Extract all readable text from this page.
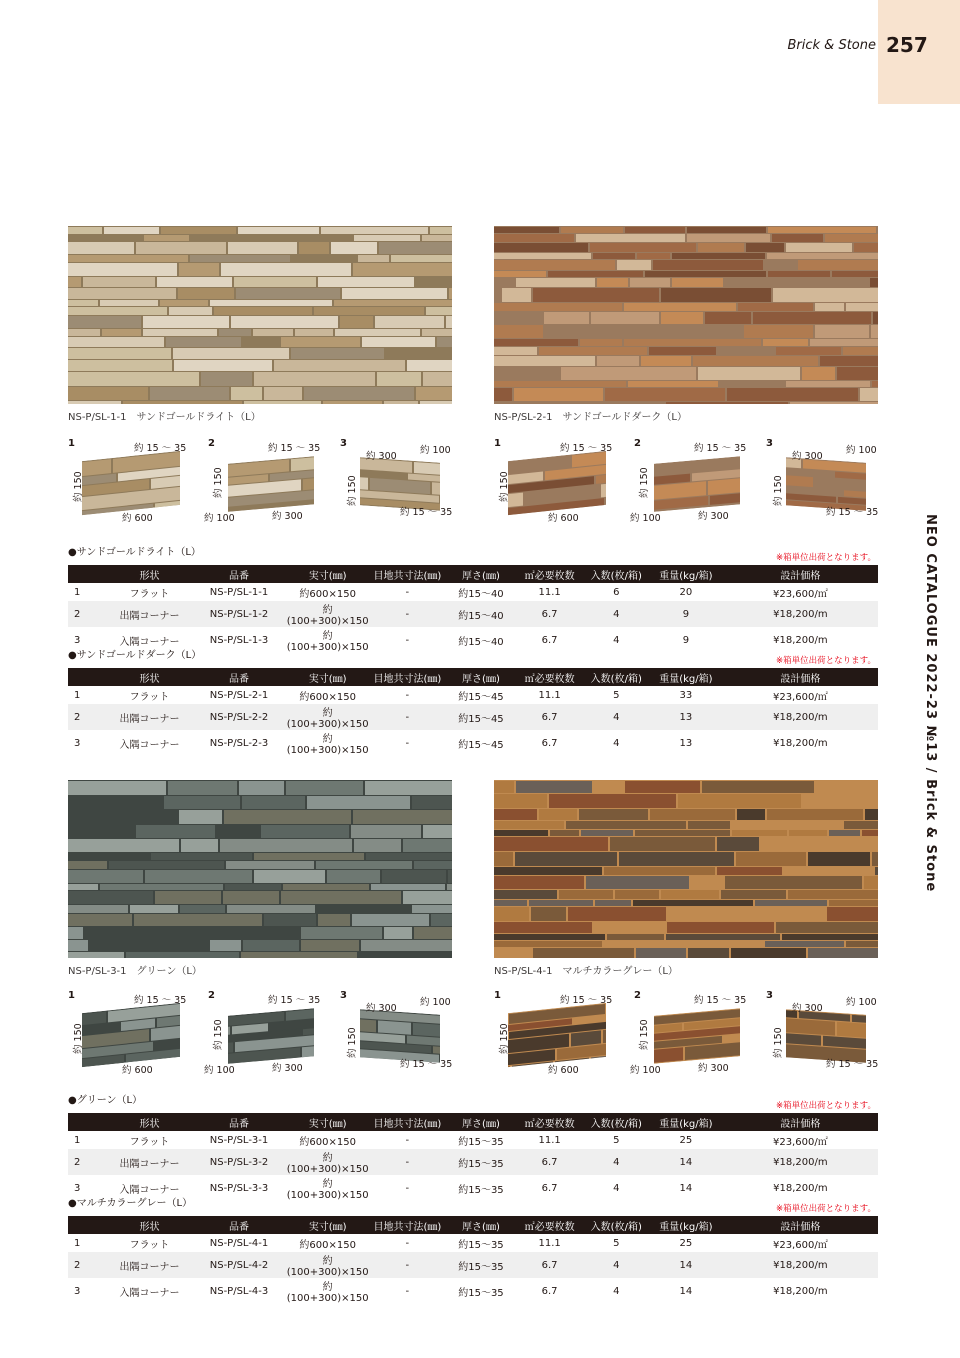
Brick & Stone 257
NEO CATALOGUE 2022-23 №13 / Brick & Stone
NS-P/SL-1-1　サンドゴールドライト（L）
1	約 15 ～ 35
約 150
約 600
2	約 15 ～ 35
約 150
約 100	約 300
3
約 300
約 100
約 150
約 15 ～ 35
●サンドゴールドライト（L）	※箱単位出荷となります。
	形状	品番	実寸(㎜)	目地共寸法(㎜)	厚さ(㎜)	㎡必要枚数	入数(枚/箱)	重量(kg/箱)	設計価格
1	フラット	NS-P/SL-1-1	約600×150	-	約15～40	11.1	6	20	¥23,600/㎡
2	出隅コーナー	NS-P/SL-1-2	約(100+300)×150	-	約15～40	6.7	4	9	¥18,200/m
3	入隅コーナー	NS-P/SL-1-3	約(100+300)×150	-	約15～40	6.7	4	9	¥18,200/m
NS-P/SL-2-1　サンドゴールドダーク（L）
1	約 15 ～ 35
約 150
約 600
2	約 15 ～ 35
約 150
約 100	約 300
3
約 300
約 100
約 150
約 15 ～ 35
●サンドゴールドダーク（L）	※箱単位出荷となります。
	形状	品番	実寸(㎜)	目地共寸法(㎜)	厚さ(㎜)	㎡必要枚数	入数(枚/箱)	重量(kg/箱)	設計価格
1	フラット	NS-P/SL-2-1	約600×150	-	約15～45	11.1	5	33	¥23,600/㎡
2	出隅コーナー	NS-P/SL-2-2	約(100+300)×150	-	約15～45	6.7	4	13	¥18,200/m
3	入隅コーナー	NS-P/SL-2-3	約(100+300)×150	-	約15～45	6.7	4	13	¥18,200/m
NS-P/SL-3-1　グリーン（L）
1	約 15 ～ 35
約 150
約 600
2	約 15 ～ 35
約 150
約 100	約 300
3
約 300
約 100
約 150
約 15 ～ 35
●グリーン（L）	※箱単位出荷となります。
	形状	品番	実寸(㎜)	目地共寸法(㎜)	厚さ(㎜)	㎡必要枚数	入数(枚/箱)	重量(kg/箱)	設計価格
1	フラット	NS-P/SL-3-1	約600×150	-	約15～35	11.1	5	25	¥23,600/㎡
2	出隅コーナー	NS-P/SL-3-2	約(100+300)×150	-	約15～35	6.7	4	14	¥18,200/m
3	入隅コーナー	NS-P/SL-3-3	約(100+300)×150	-	約15～35	6.7	4	14	¥18,200/m
NS-P/SL-4-1　マルチカラーグレー（L）
1	約 15 ～ 35
約 150
約 600
2	約 15 ～ 35
約 150
約 100	約 300
3
約 300
約 100
約 150
約 15 ～ 35
●マルチカラーグレー（L）	※箱単位出荷となります。
	形状	品番	実寸(㎜)	目地共寸法(㎜)	厚さ(㎜)	㎡必要枚数	入数(枚/箱)	重量(kg/箱)	設計価格
1	フラット	NS-P/SL-4-1	約600×150	-	約15～35	11.1	5	25	¥23,600/㎡
2	出隅コーナー	NS-P/SL-4-2	約(100+300)×150	-	約15～35	6.7	4	14	¥18,200/m
3	入隅コーナー	NS-P/SL-4-3	約(100+300)×150	-	約15～35	6.7	4	14	¥18,200/m
